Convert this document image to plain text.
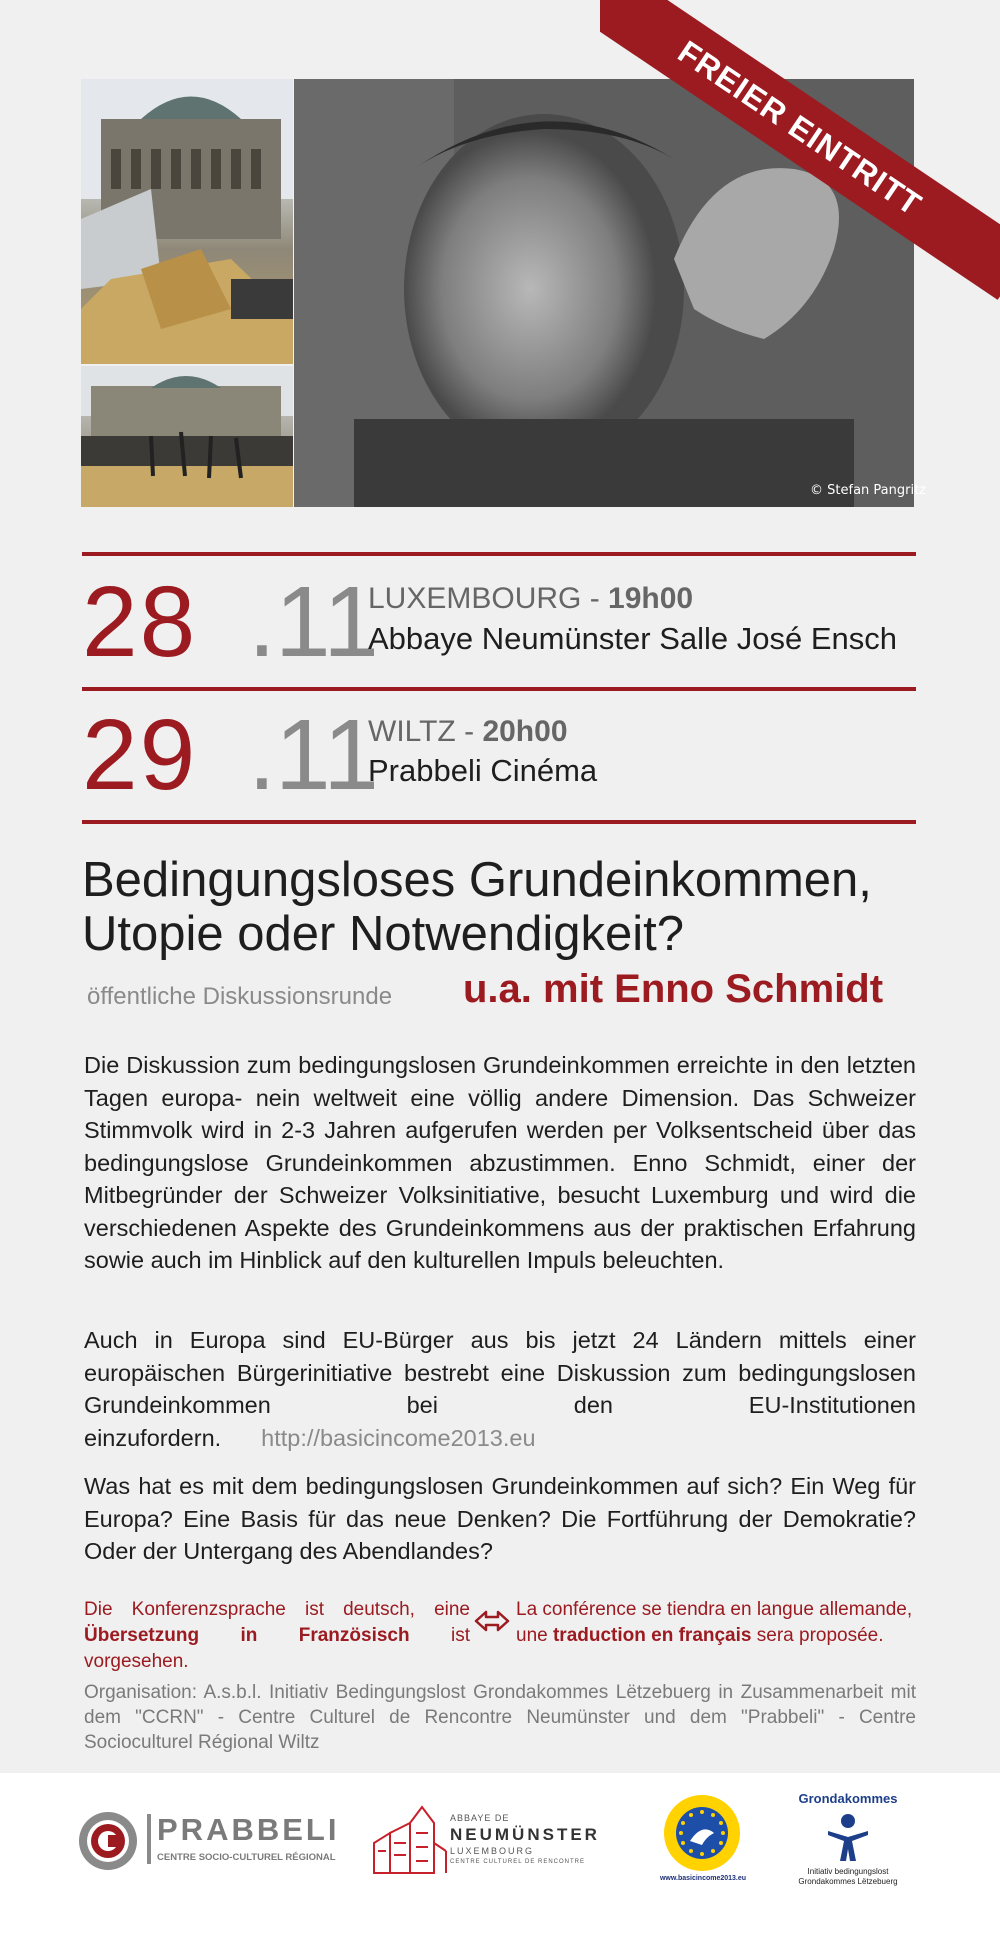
© Stefan Pangritz
FREIER EINTRITT
28 . 11
LUXEMBOURG - 19h00
Abbaye Neumünster Salle José Ensch
29 . 11
WILTZ - 20h00
Prabbeli Cinéma
Bedingungsloses Grundeinkommen,
Utopie oder Notwendigkeit?
öffentliche Diskussionsrunde u.a. mit Enno Schmidt
Die Diskussion zum bedingungslosen Grundeinkommen erreichte in den letzten Tagen europa- nein weltweit eine völlig andere Dimension. Das Schweizer Stimmvolk wird in 2-3 Jahren aufgerufen werden per Volksentscheid über das bedingungslose Grundeinkommen abzustimmen. Enno Schmidt, einer der Mitbegründer der Schweizer Volksinitiative, besucht Luxemburg und wird die verschiedenen Aspekte des Grundeinkommens aus der praktischen Erfahrung sowie auch im Hinblick auf den kulturellen Impuls beleuchten.
Auch in Europa sind EU-Bürger aus bis jetzt 24 Ländern mittels einer europäischen Bürgerinitiative bestrebt eine Diskussion zum bedingungslosen Grundeinkommen bei den EU-Institutionen einzufordern. http://basicincome2013.eu
Was hat es mit dem bedingungslosen Grundeinkommen auf sich? Ein Weg für Europa? Eine Basis für das neue Denken? Die Fortführung der Demokratie? Oder der Untergang des Abendlandes?
Die Konferenzsprache ist deutsch, eine Übersetzung in Französisch ist vorgesehen.
La conférence se tiendra en langue allemande, une traduction en français sera proposée.
Organisation: A.s.b.l. Initiativ Bedingungslost Grondakommes Lëtzebuerg in Zusammenarbeit mit dem "CCRN" - Centre Culturel de Rencontre Neumünster und dem "Prabbeli" - Centre Socioculturel Régional Wiltz
PRABBELI
CENTRE SOCIO-CULTUREL RÉGIONAL
ABBAYE DE
NEUMÜNSTER
LUXEMBOURG
CENTRE CULTUREL DE RENCONTRE
www.basicincome2013.eu
Grondakommes
Initiativ bedingungslost
Grondakommes Lëtzebuerg
